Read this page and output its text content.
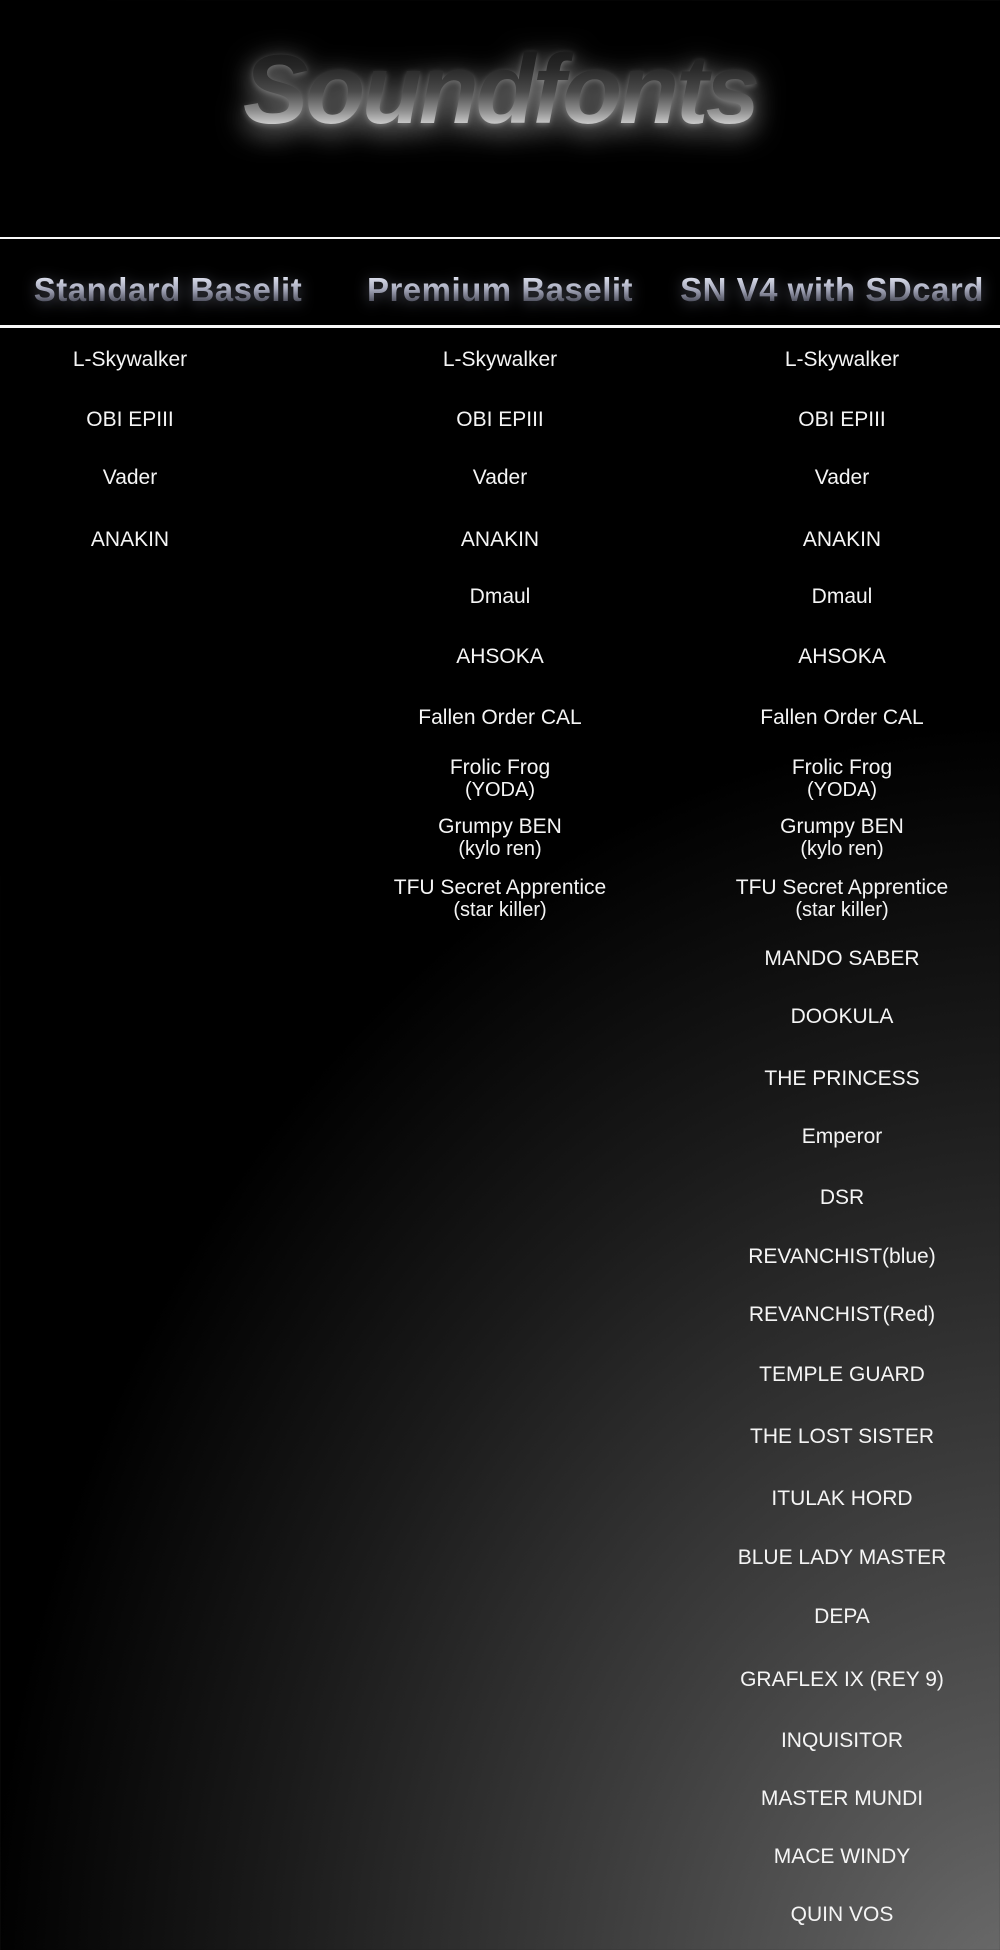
Soundfonts
Standard Baselit	Premium Baselit	SN V4 with SDcard
L-Skywalker
OBI EPIII
Vader
ANAKIN
L-Skywalker
OBI EPIII
Vader
ANAKIN
Dmaul
AHSOKA
Fallen Order CAL
Frolic Frog
(YODA)
Grumpy BEN
(kylo ren)
TFU Secret Apprentice
(star killer)
L-Skywalker
OBI EPIII
Vader
ANAKIN
Dmaul
AHSOKA
Fallen Order CAL
Frolic Frog
(YODA)
Grumpy BEN
(kylo ren)
TFU Secret Apprentice
(star killer)
MANDO SABER
DOOKULA
THE PRINCESS
Emperor
DSR
REVANCHIST(blue)
REVANCHIST(Red)
TEMPLE GUARD
THE LOST SISTER
ITULAK HORD
BLUE LADY MASTER
DEPA
GRAFLEX IX (REY 9)
INQUISITOR
MASTER MUNDI
MACE WINDY
QUIN VOS
